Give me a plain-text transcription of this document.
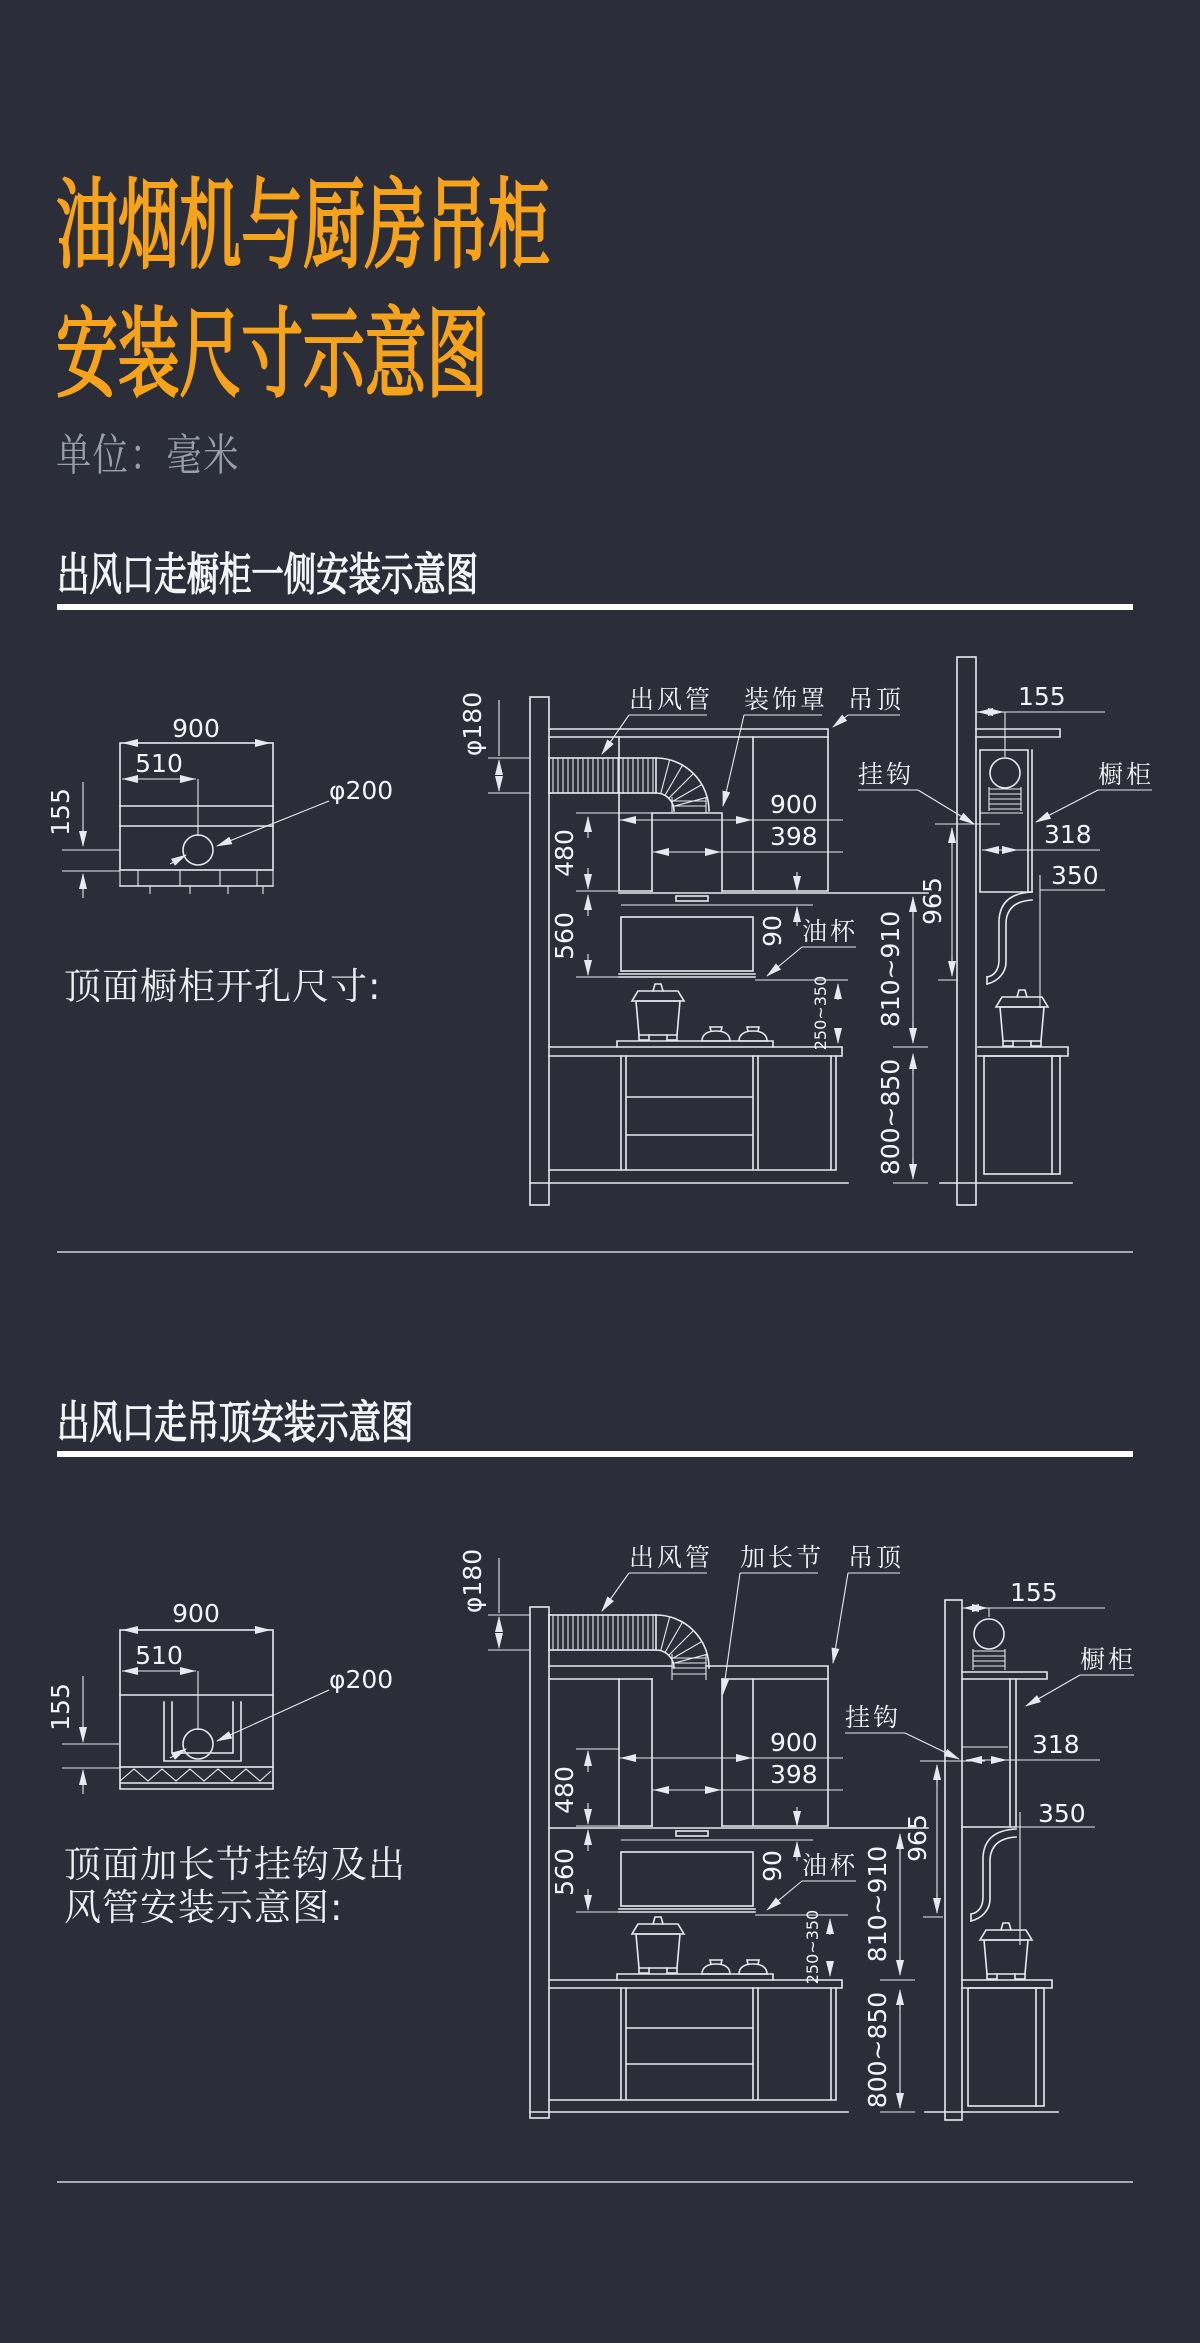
油烟机与厨房吊柜
安装尺寸示意图
单位：毫米
出风口走橱柜一侧安装示意图
900
510
155	φ200
顶面橱柜开孔尺寸:
900
398
480
560	90 油杯
出风管 装饰罩 吊顶
φ180	155
挂钩	橱柜
318
350
965
810~910
250~350
800~850
出风口走吊顶安装示意图
900
510
φ200
155
顶面加长节挂钩及出
风管安装示意图:
φ180
900
398
480
560	90 油杯
出风管 加长节 吊顶
155
挂钩
橱柜
318
350
965
810~910
250~350
800~850
